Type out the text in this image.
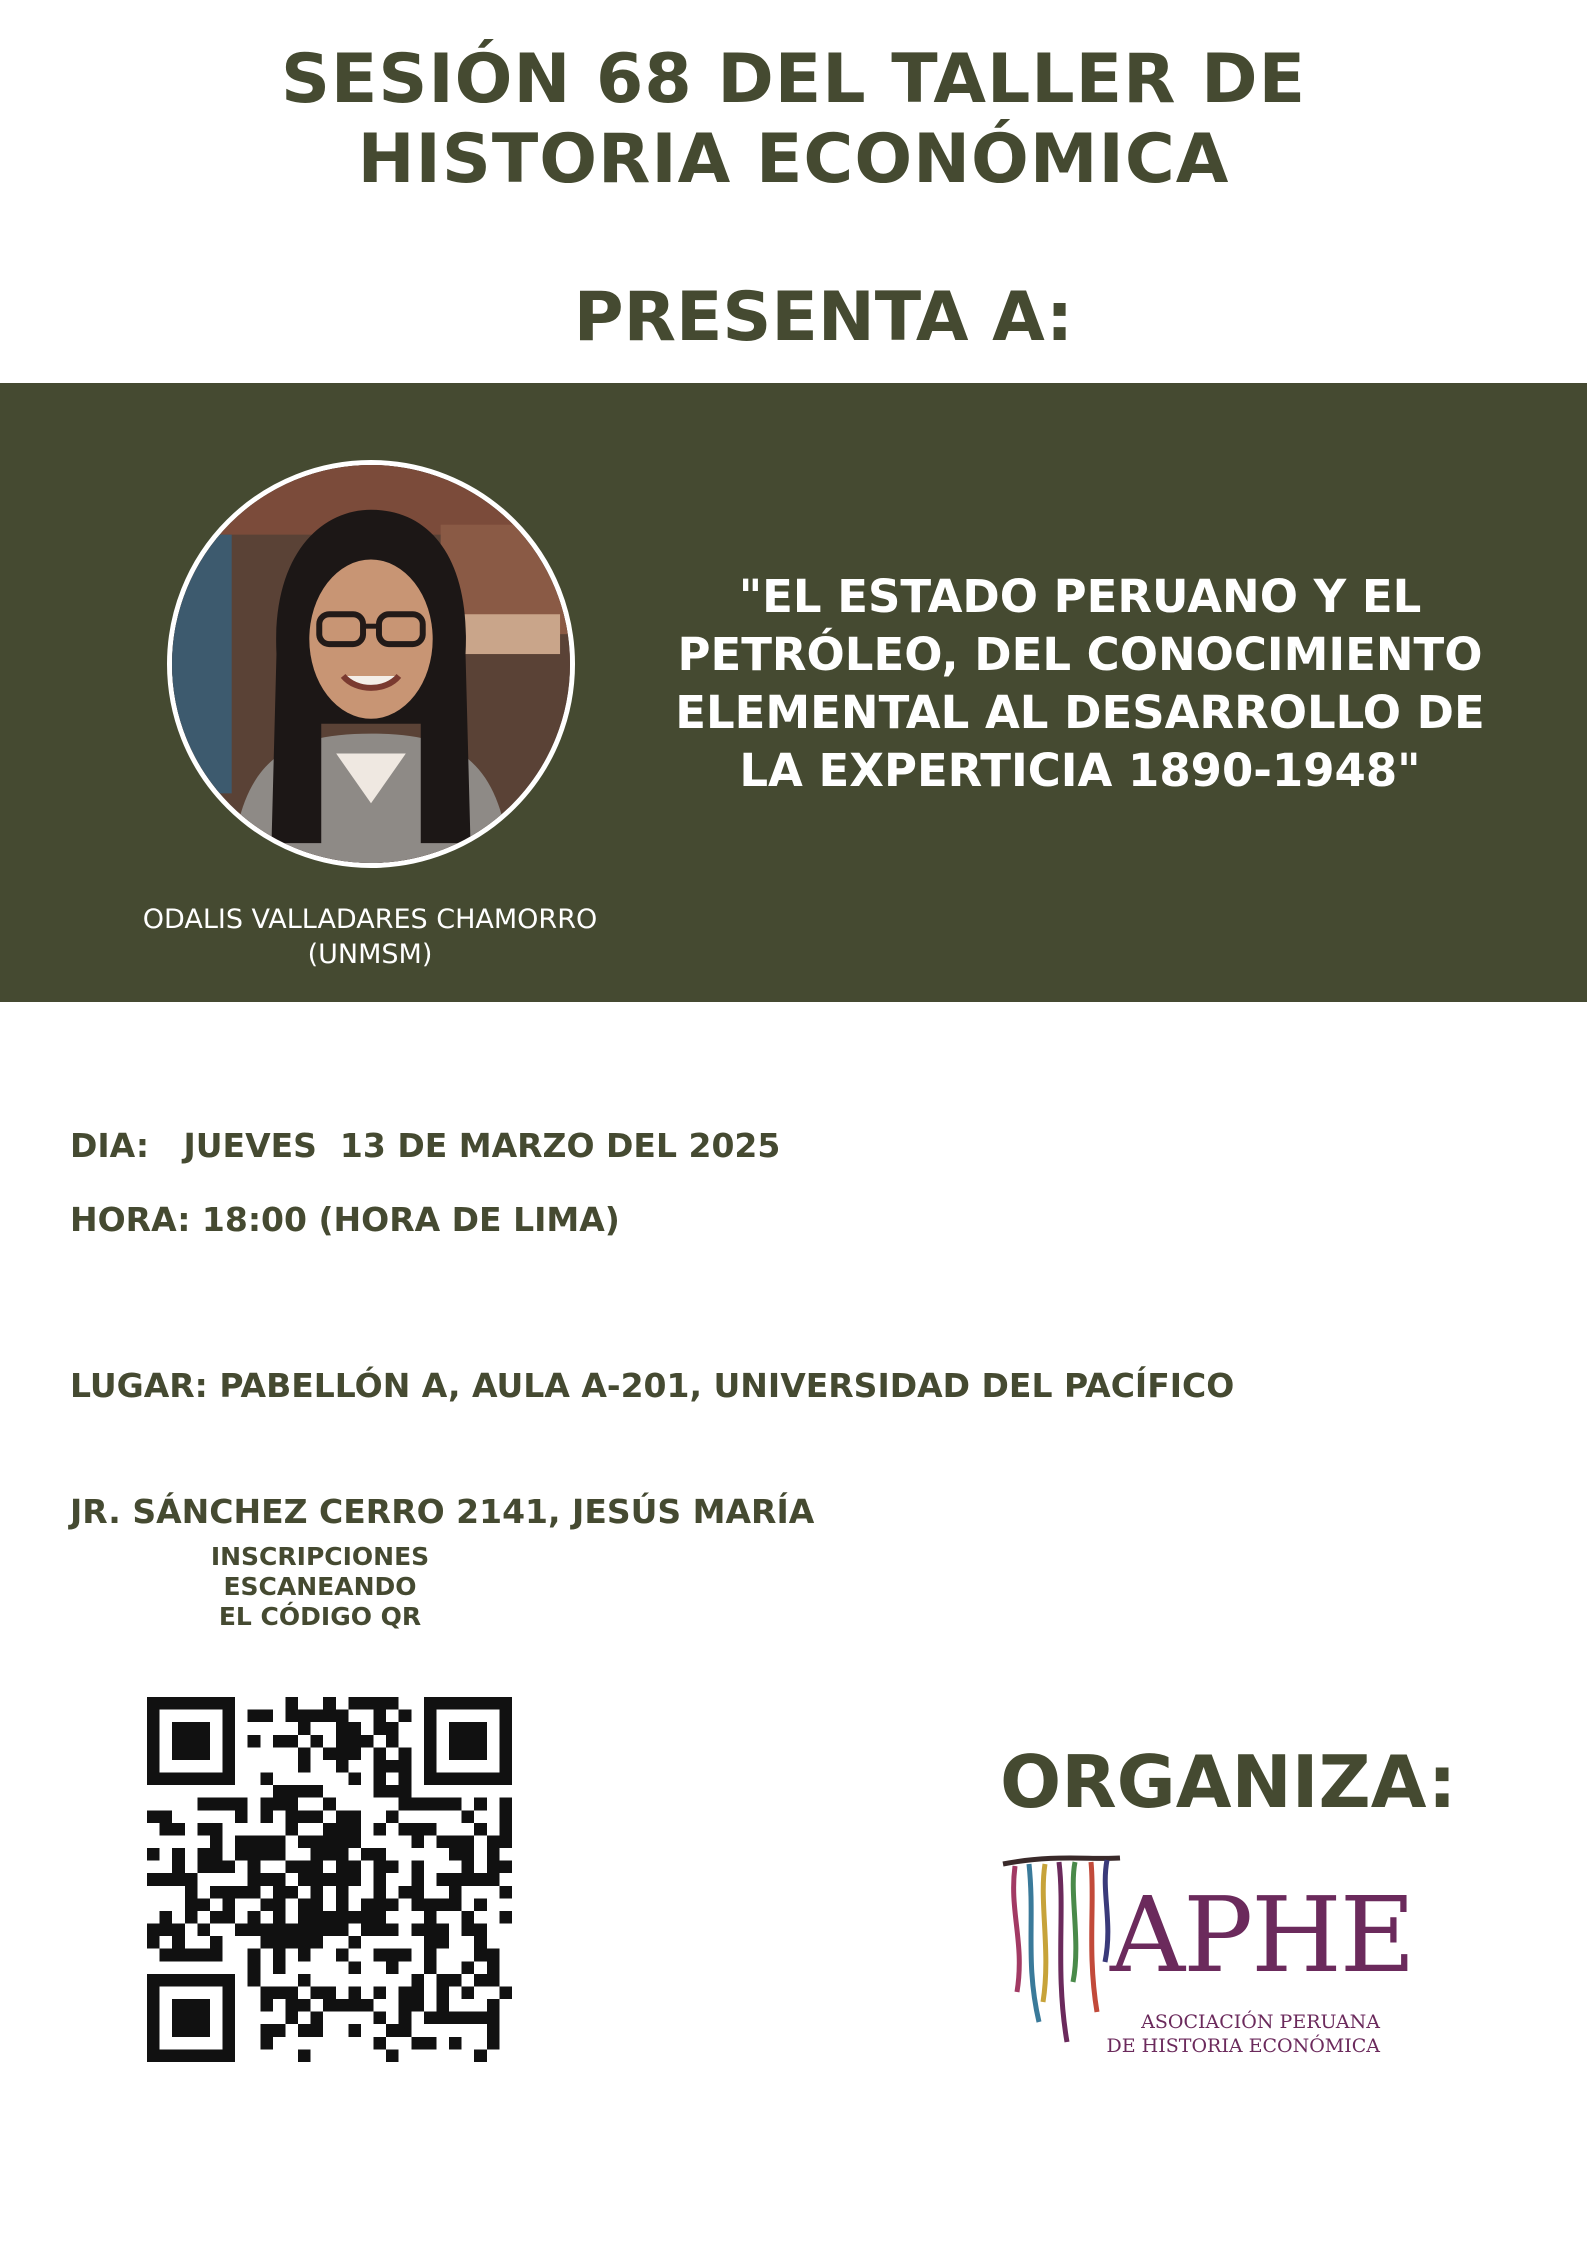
SESIÓN 68 DEL TALLER DE
HISTORIA ECONÓMICA
PRESENTA A:
ODALIS VALLADARES CHAMORRO
(UNMSM)
"EL ESTADO PERUANO Y EL
PETRÓLEO, DEL CONOCIMIENTO
ELEMENTAL AL DESARROLLO DE
LA EXPERTICIA 1890-1948"
DIA:   JUEVES  13 DE MARZO DEL 2025
HORA: 18:00 (HORA DE LIMA)

LUGAR: PABELLÓN A, AULA A-201, UNIVERSIDAD DEL PACÍFICO

JR. SÁNCHEZ CERRO 2141, JESÚS MARÍA

INSCRIPCIONES ESCANEANDO
EL CÓDIGO QR
ORGANIZA:
APHE
ASOCIACIÓN PERUANA
DE HISTORIA ECONÓMICA
